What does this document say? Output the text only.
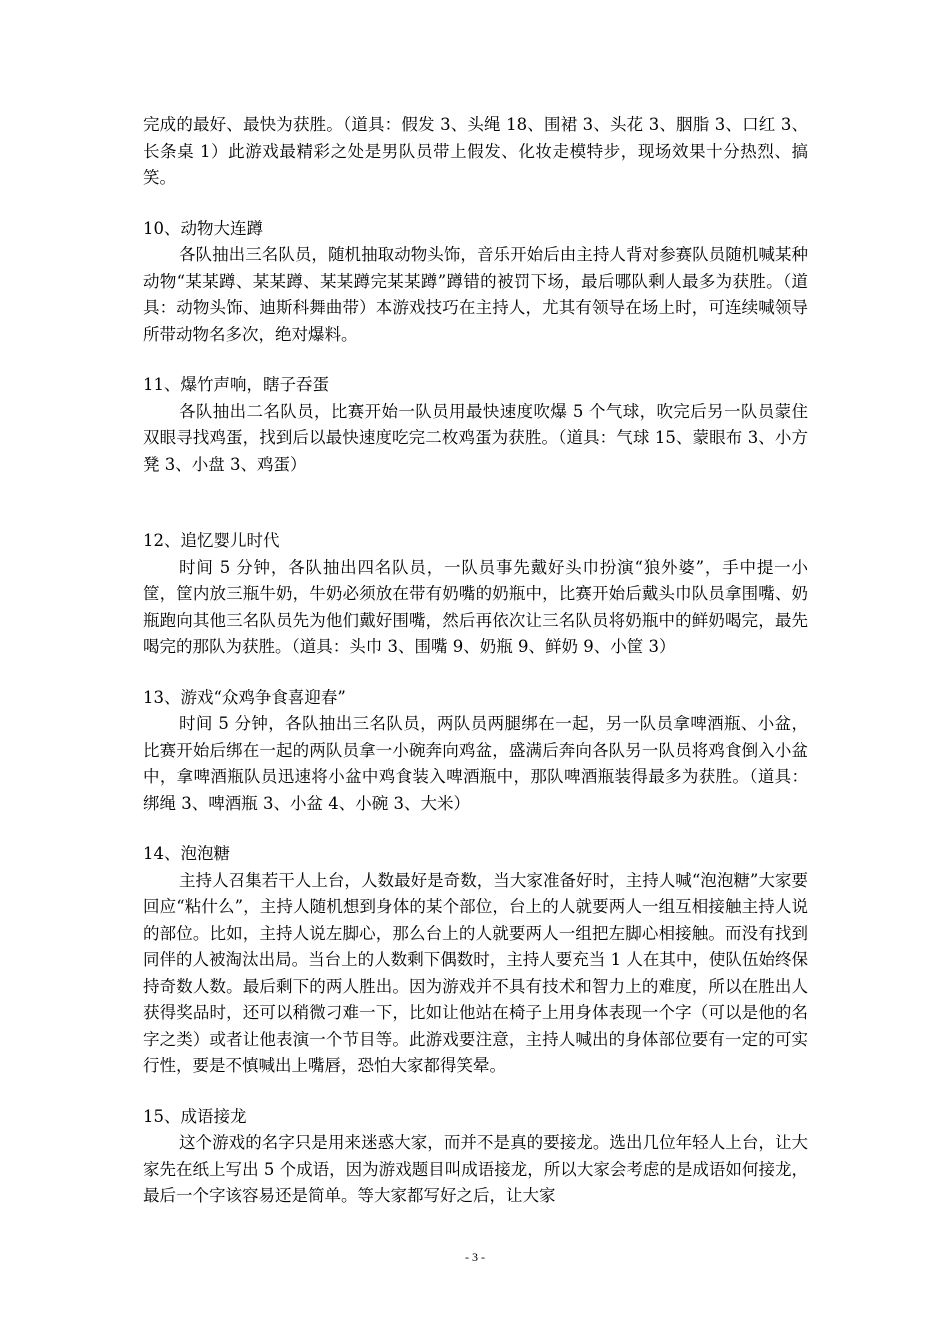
完成的最好、最快为获胜。（道具：假发 3、头绳 18、围裙 3、头花 3、胭脂 3、口红 3、长条桌 1）此游戏最精彩之处是男队员带上假发、化妆走模特步，现场效果十分热烈、搞笑。

10、动物大连蹲

各队抽出三名队员，随机抽取动物头饰，音乐开始后由主持人背对参赛队员随机喊某种动物“某某蹲、某某蹲、某某蹲完某某蹲”蹲错的被罚下场，最后哪队剩人最多为获胜。（道具：动物头饰、迪斯科舞曲带）本游戏技巧在主持人，尤其有领导在场上时，可连续喊领导所带动物名多次，绝对爆料。

11、爆竹声响，瞎子吞蛋

各队抽出二名队员，比赛开始一队员用最快速度吹爆 5 个气球，吹完后另一队员蒙住双眼寻找鸡蛋，找到后以最快速度吃完二枚鸡蛋为获胜。（道具：气球 15、蒙眼布 3、小方凳 3、小盘 3、鸡蛋）

12、追忆婴儿时代

时间 5 分钟，各队抽出四名队员，一队员事先戴好头巾扮演“狼外婆”，手中提一小筐，筐内放三瓶牛奶，牛奶必须放在带有奶嘴的奶瓶中，比赛开始后戴头巾队员拿围嘴、奶瓶跑向其他三名队员先为他们戴好围嘴，然后再依次让三名队员将奶瓶中的鲜奶喝完，最先喝完的那队为获胜。（道具：头巾 3、围嘴 9、奶瓶 9、鲜奶 9、小筐 3）

13、游戏“众鸡争食喜迎春”

时间 5 分钟，各队抽出三名队员，两队员两腿绑在一起，另一队员拿啤酒瓶、小盆，比赛开始后绑在一起的两队员拿一小碗奔向鸡盆，盛满后奔向各队另一队员将鸡食倒入小盆中，拿啤酒瓶队员迅速将小盆中鸡食装入啤酒瓶中，那队啤酒瓶装得最多为获胜。（道具：绑绳 3、啤酒瓶 3、小盆 4、小碗 3、大米）

14、泡泡糖

主持人召集若干人上台，人数最好是奇数，当大家准备好时，主持人喊“泡泡糖”大家要回应“粘什么”，主持人随机想到身体的某个部位，台上的人就要两人一组互相接触主持人说的部位。比如，主持人说左脚心，那么台上的人就要两人一组把左脚心相接触。而没有找到同伴的人被淘汰出局。当台上的人数剩下偶数时，主持人要充当 1 人在其中，使队伍始终保持奇数人数。最后剩下的两人胜出。因为游戏并不具有技术和智力上的难度，所以在胜出人获得奖品时，还可以稍微刁难一下，比如让他站在椅子上用身体表现一个字（可以是他的名字之类）或者让他表演一个节目等。此游戏要注意，主持人喊出的身体部位要有一定的可实行性，要是不慎喊出上嘴唇，恐怕大家都得笑晕。

15、成语接龙

这个游戏的名字只是用来迷惑大家，而并不是真的要接龙。选出几位年轻人上台，让大家先在纸上写出 5 个成语，因为游戏题目叫成语接龙，所以大家会考虑的是成语如何接龙，最后一个字该容易还是简单。等大家都写好之后，让大家

- 3 -
